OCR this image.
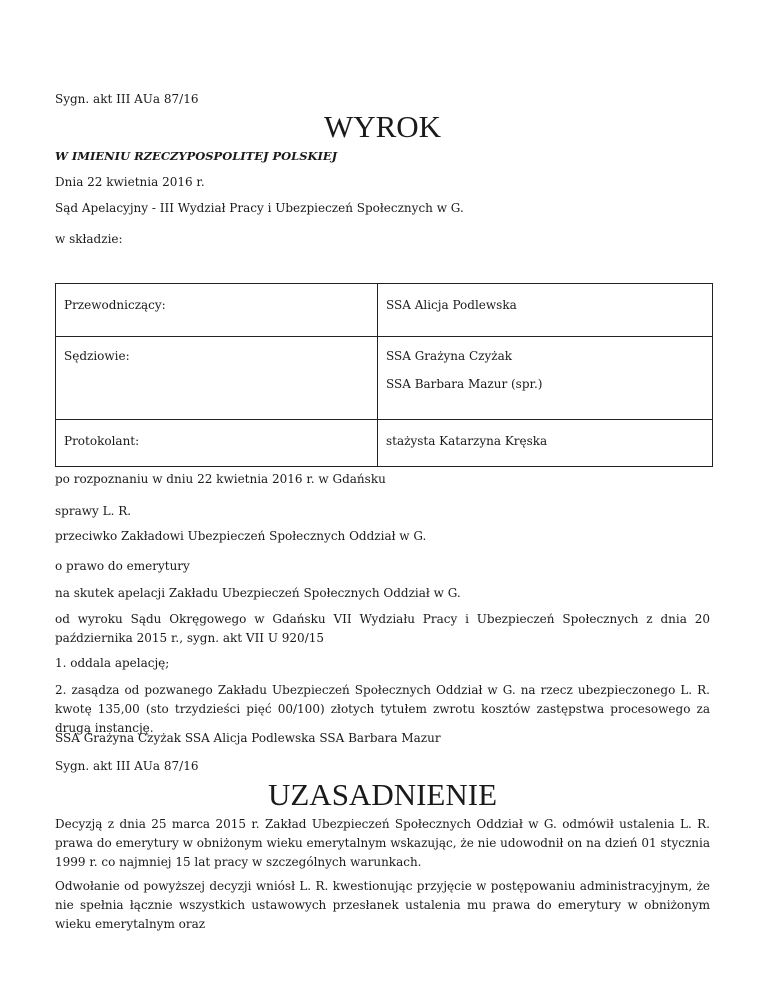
Sygn. akt III AUa 87/16

WYROK

W IMIENIU RZECZYPOSPOLITEJ POLSKIEJ

Dnia 22 kwietnia 2016 r.

Sąd Apelacyjny - III Wydział Pracy i Ubezpieczeń Społecznych w G.

w składzie:

Przewodniczący:	SSA Alicja Podlewska

Sędziowie:	SSA Grażyna Czyżak

SSA Barbara Mazur (spr.)

Protokolant:	stażysta Katarzyna Kręska

po rozpoznaniu w dniu 22 kwietnia 2016 r. w Gdańsku

sprawy L. R.

przeciwko Zakładowi Ubezpieczeń Społecznych Oddział w G.

o prawo do emerytury

na skutek apelacji Zakładu Ubezpieczeń Społecznych Oddział w G.

od wyroku Sądu Okręgowego w Gdańsku VII Wydziału Pracy i Ubezpieczeń Społecznych z dnia 20 października 2015 r., sygn. akt VII U 920/15

1. oddala apelację;

2. zasądza od pozwanego Zakładu Ubezpieczeń Społecznych Oddział w G. na rzecz ubezpieczonego L. R. kwotę 135,00 (sto trzydzieści pięć 00/100) złotych tytułem zwrotu kosztów zastępstwa procesowego za drugą instancję.

SSA Grażyna Czyżak SSA Alicja Podlewska SSA Barbara Mazur

Sygn. akt III AUa 87/16

UZASADNIENIE

Decyzją z dnia 25 marca 2015 r. Zakład Ubezpieczeń Społecznych Oddział w G. odmówił ustalenia L. R. prawa do emerytury w obniżonym wieku emerytalnym wskazując, że nie udowodnił on na dzień 01 stycznia 1999 r. co najmniej 15 lat pracy w szczególnych warunkach.

Odwołanie od powyższej decyzji wniósł L. R. kwestionując przyjęcie w postępowaniu administracyjnym, że nie spełnia łącznie wszystkich ustawowych przesłanek ustalenia mu prawa do emerytury w obniżonym wieku emerytalnym oraz
